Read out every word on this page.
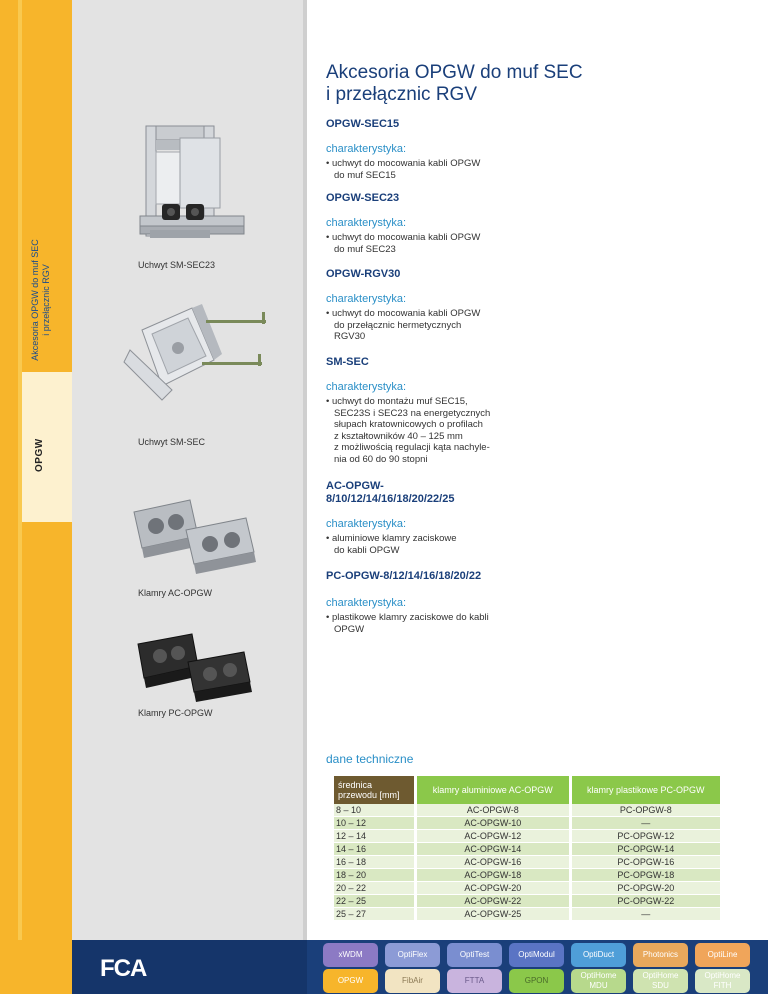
Akcesoria OPGW do muf SEC i przełącznic RGV
OPGW
Uchwyt SM-SEC23
Uchwyt SM-SEC
Klamry AC-OPGW
Klamry PC-OPGW
Akcesoria OPGW do muf SEC
i przełącznic RGV
OPGW-SEC15
charakterystyka:
• uchwyt do mocowania kabli OPGW
do muf SEC15
OPGW-SEC23
charakterystyka:
• uchwyt do mocowania kabli OPGW
do muf SEC23
OPGW-RGV30
charakterystyka:
• uchwyt do mocowania kabli OPGW
do przełącznic hermetycznych
RGV30
SM-SEC
charakterystyka:
• uchwyt do montażu muf SEC15,
SEC23S i SEC23 na energetycznych
słupach kratownicowych o profilach
z kształtowników 40 – 125 mm
z możliwością regulacji kąta nachyle-
nia od 60 do 90 stopni
AC-OPGW-
8/10/12/14/16/18/20/22/25
charakterystyka:
• aluminiowe klamry zaciskowe
do kabli OPGW
PC-OPGW-8/12/14/16/18/20/22
charakterystyka:
• plastikowe klamry zaciskowe do kabli
OPGW
dane techniczne
średnica
przewodu [mm]		klamry aluminiowe AC-OPGW		klamry plastikowe PC-OPGW
8 – 10		AC-OPGW-8		PC-OPGW-8
10 – 12		AC-OPGW-10		—
12 – 14		AC-OPGW-12		PC-OPGW-12
14 – 16		AC-OPGW-14		PC-OPGW-14
16 – 18		AC-OPGW-16		PC-OPGW-16
18 – 20		AC-OPGW-18		PC-OPGW-18
20 – 22		AC-OPGW-20		PC-OPGW-20
22 – 25		AC-OPGW-22		PC-OPGW-22
25 – 27		AC-OPGW-25		—
FCA
xWDM	OptiFlex	OptiTest	OptiModul	OptiDuct	Photonics	OptiLine
OPGW	FibAir	FTTA	GPON
OptiHome
MDU
OptiHome
SDU
OptiHome
FITH
